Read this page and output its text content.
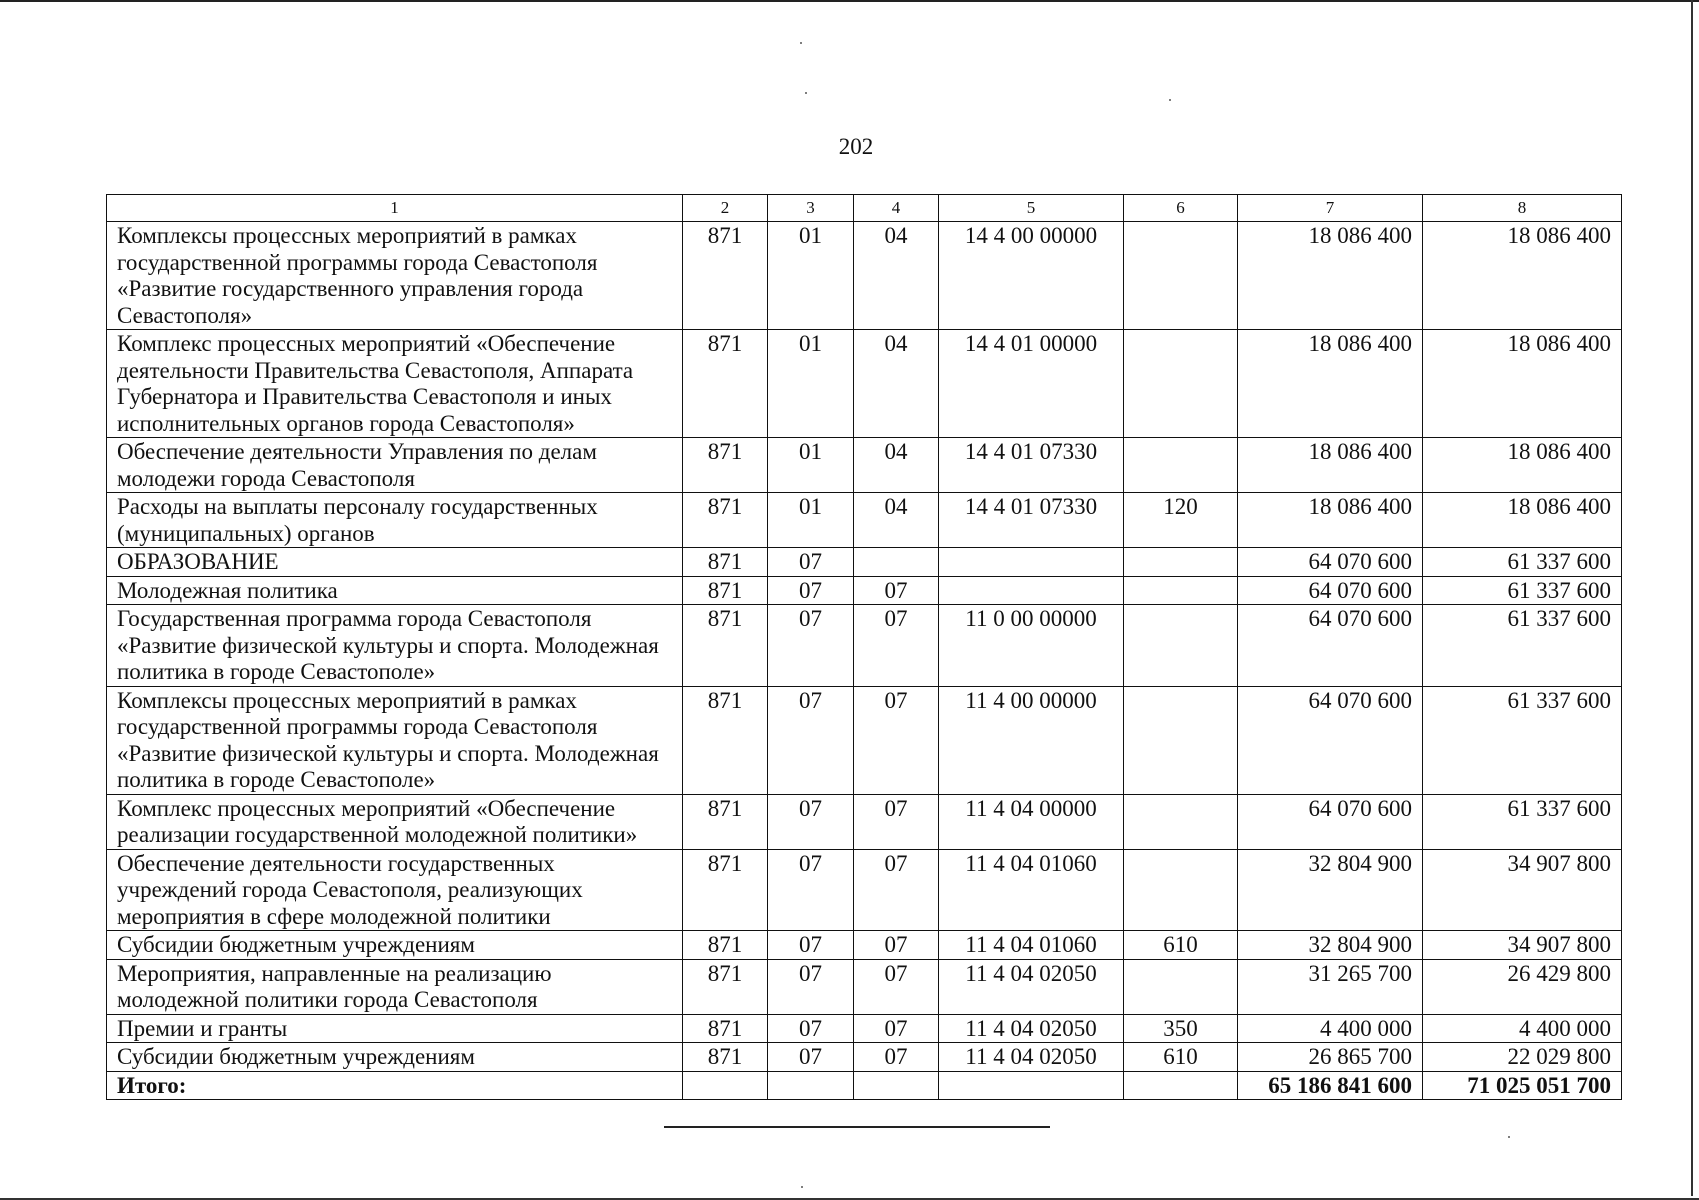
202
1	2	3	4	5	6	7	8
Комплексы процессных мероприятий в рамках государственной программы города Севастополя «Развитие государственного управления города Севастополя»	871	01	04	14 4 00 00000		18 086 400	18 086 400
Комплекс процессных мероприятий «Обеспечение деятельности Правительства Севастополя, Аппарата Губернатора и Правительства Севастополя и иных исполнительных органов города Севастополя»	871	01	04	14 4 01 00000		18 086 400	18 086 400
Обеспечение деятельности Управления по делам молодежи города Севастополя	871	01	04	14 4 01 07330		18 086 400	18 086 400
Расходы на выплаты персоналу государственных (муниципальных) органов	871	01	04	14 4 01 07330	120	18 086 400	18 086 400
ОБРАЗОВАНИЕ	871	07				64 070 600	61 337 600
Молодежная политика	871	07	07			64 070 600	61 337 600
Государственная программа города Севастополя «Развитие физической культуры и спорта. Молодежная политика в городе Севастополе»	871	07	07	11 0 00 00000		64 070 600	61 337 600
Комплексы процессных мероприятий в рамках государственной программы города Севастополя «Развитие физической культуры и спорта. Молодежная политика в городе Севастополе»	871	07	07	11 4 00 00000		64 070 600	61 337 600
Комплекс процессных мероприятий «Обеспечение реализации государственной молодежной политики»	871	07	07	11 4 04 00000		64 070 600	61 337 600
Обеспечение деятельности государственных учреждений города Севастополя, реализующих мероприятия в сфере молодежной политики	871	07	07	11 4 04 01060		32 804 900	34 907 800
Субсидии бюджетным учреждениям	871	07	07	11 4 04 01060	610	32 804 900	34 907 800
Мероприятия, направленные на реализацию молодежной политики города Севастополя	871	07	07	11 4 04 02050		31 265 700	26 429 800
Премии и гранты	871	07	07	11 4 04 02050	350	4 400 000	4 400 000
Субсидии бюджетным учреждениям	871	07	07	11 4 04 02050	610	26 865 700	22 029 800
Итого:						65 186 841 600	71 025 051 700
